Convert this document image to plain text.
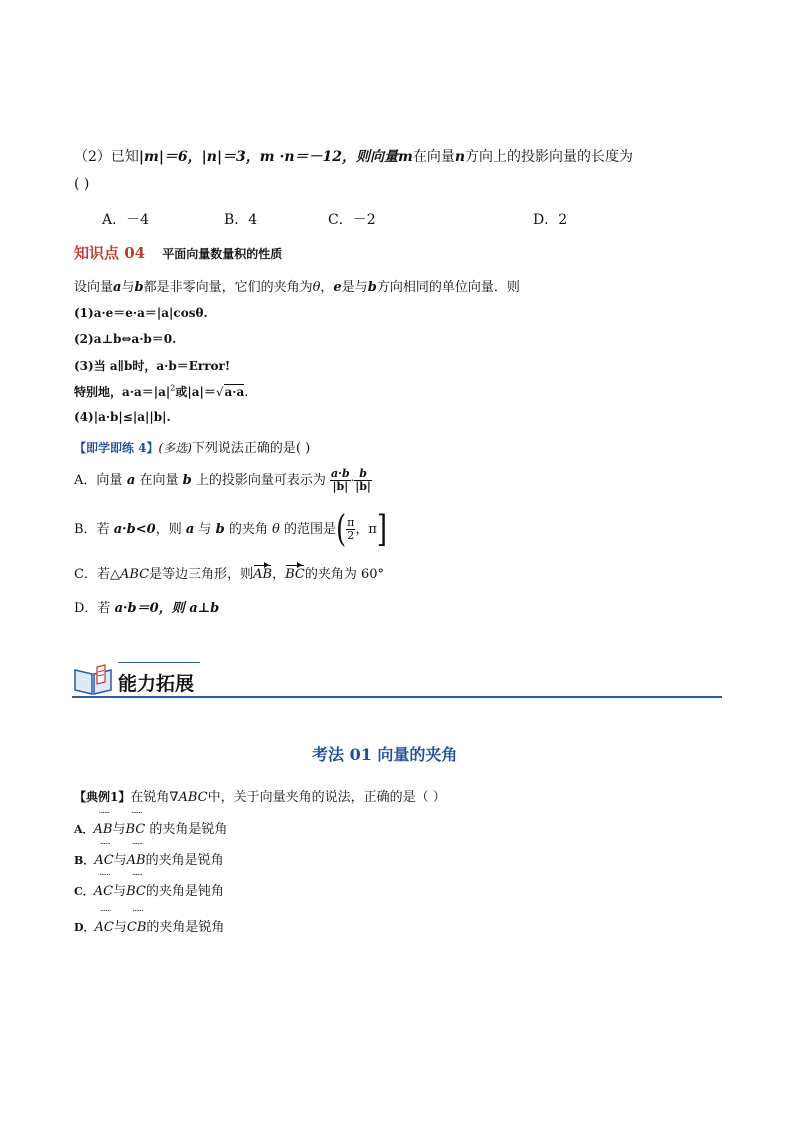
（2）已知|m|＝6，|n|＝3，m ·n＝－12，则向量m在向量n方向上的投影向量的长度为
( )
A．－4	B．4	C．－2	D．2
知识点 04 平面向量数量积的性质
设向量a与b都是非零向量，它们的夹角为θ，e是与b方向相同的单位向量．则
(1)a·e＝e·a＝|a|cosθ.
(2)a⊥b⇔a·b＝0.
(3)当 a∥b时，a·b＝Error!
特别地，$a\cdot a=|a|^2$或|a|＝√a·a.
(4)|a·b|≤|a||b|.
【即学即练 4】(多选)下列说法正确的是( )
A．向量 a 在向量 b 上的投影向量可表示为 $\frac{a\cdot b}{|b|} \cdot \frac{b}{|b|}$
B．若 a·b<0，则 a 与 b 的夹角 θ 的范围是( $\frac{\pi}{2}$ ，π]
C．若△ABC是等边三角形，则AB，BC的夹角为 60°
D．若 a·b＝0，则 a⊥b
能力拓展
考法 01 向量的夹角
【典例1】在锐角∇ABC中，关于向量夹角的说法，正确的是（ ）
A．¨¨¨ AB与¨¨¨ BC 的夹角是锐角
B．¨¨¨ AC与¨¨¨ AB的夹角是锐角
C．¨¨¨ AC与¨¨¨ BC的夹角是钝角
D．¨¨¨ AC与¨¨¨ CB的夹角是锐角
